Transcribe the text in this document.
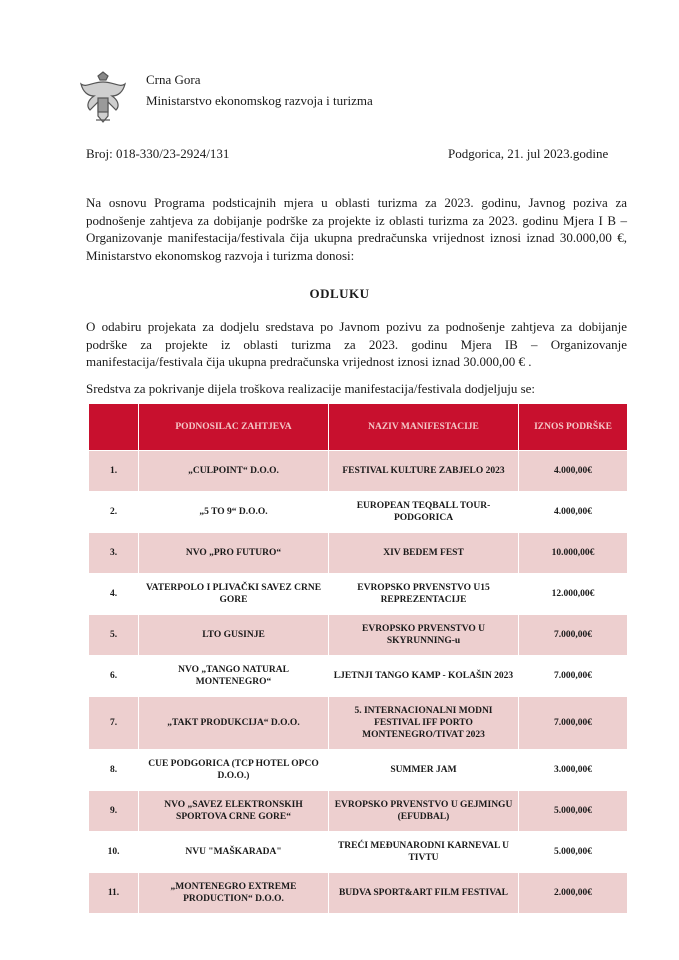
Crna Gora
Ministarstvo ekonomskog razvoja i turizma
Broj: 018-330/23-2924/131	Podgorica, 21. jul 2023.godine

Na osnovu Programa podsticajnih mjera u oblasti turizma za 2023. godinu, Javnog poziva za podnošenje zahtjeva za dobijanje podrške za projekte iz oblasti turizma za 2023. godinu Mjera I B – Organizovanje manifestacija/festivala čija ukupna predračunska vrijednost iznosi iznad 30.000,00 €, Ministarstvo ekonomskog razvoja i turizma donosi:

ODLUKU

O odabiru projekata za dodjelu sredstava po Javnom pozivu za podnošenje zahtjeva za dobijanje podrške za projekte iz oblasti turizma za 2023. godinu Mjera IB – Organizovanje manifestacija/festivala čija ukupna predračunska vrijednost iznosi iznad 30.000,00 € .

Sredstva za pokrivanje dijela troškova realizacije manifestacija/festivala dodjeljuju se:

	PODNOSILAC ZAHTJEVA	NAZIV MANIFESTACIJE	IZNOS PODRŠKE
1.	„CULPOINT“ D.O.O.	FESTIVAL KULTURE ZABJELO 2023	4.000,00€
2.	„5 TO 9“ D.O.O.	EUROPEAN TEQBALL TOUR-PODGORICA	4.000,00€
3.	NVO „PRO FUTURO“	XIV BEDEM FEST	10.000,00€
4.	VATERPOLO I PLIVAČKI SAVEZ CRNE GORE	EVROPSKO PRVENSTVO U15 REPREZENTACIJE	12.000,00€
5.	LTO GUSINJE	EVROPSKO PRVENSTVO U SKYRUNNING-u	7.000,00€
6.	NVO „TANGO NATURAL MONTENEGRO“	LJETNJI TANGO KAMP - KOLAŠIN 2023	7.000,00€
7.	„TAKT PRODUKCIJA“ D.O.O.	5. INTERNACIONALNI MODNI FESTIVAL IFF PORTO MONTENEGRO/TIVAT 2023	7.000,00€
8.	CUE PODGORICA (TCP HOTEL OPCO D.O.O.)	SUMMER JAM	3.000,00€
9.	NVO „SAVEZ ELEKTRONSKIH SPORTOVA CRNE GORE“	EVROPSKO PRVENSTVO U GEJMINGU (EFUDBAL)	5.000,00€
10.	NVU "MAŠKARADA"	TREĆI MEĐUNARODNI KARNEVAL U TIVTU	5.000,00€
11.	„MONTENEGRO EXTREME PRODUCTION“ D.O.O.	BUDVA SPORT&ART FILM FESTIVAL	2.000,00€
